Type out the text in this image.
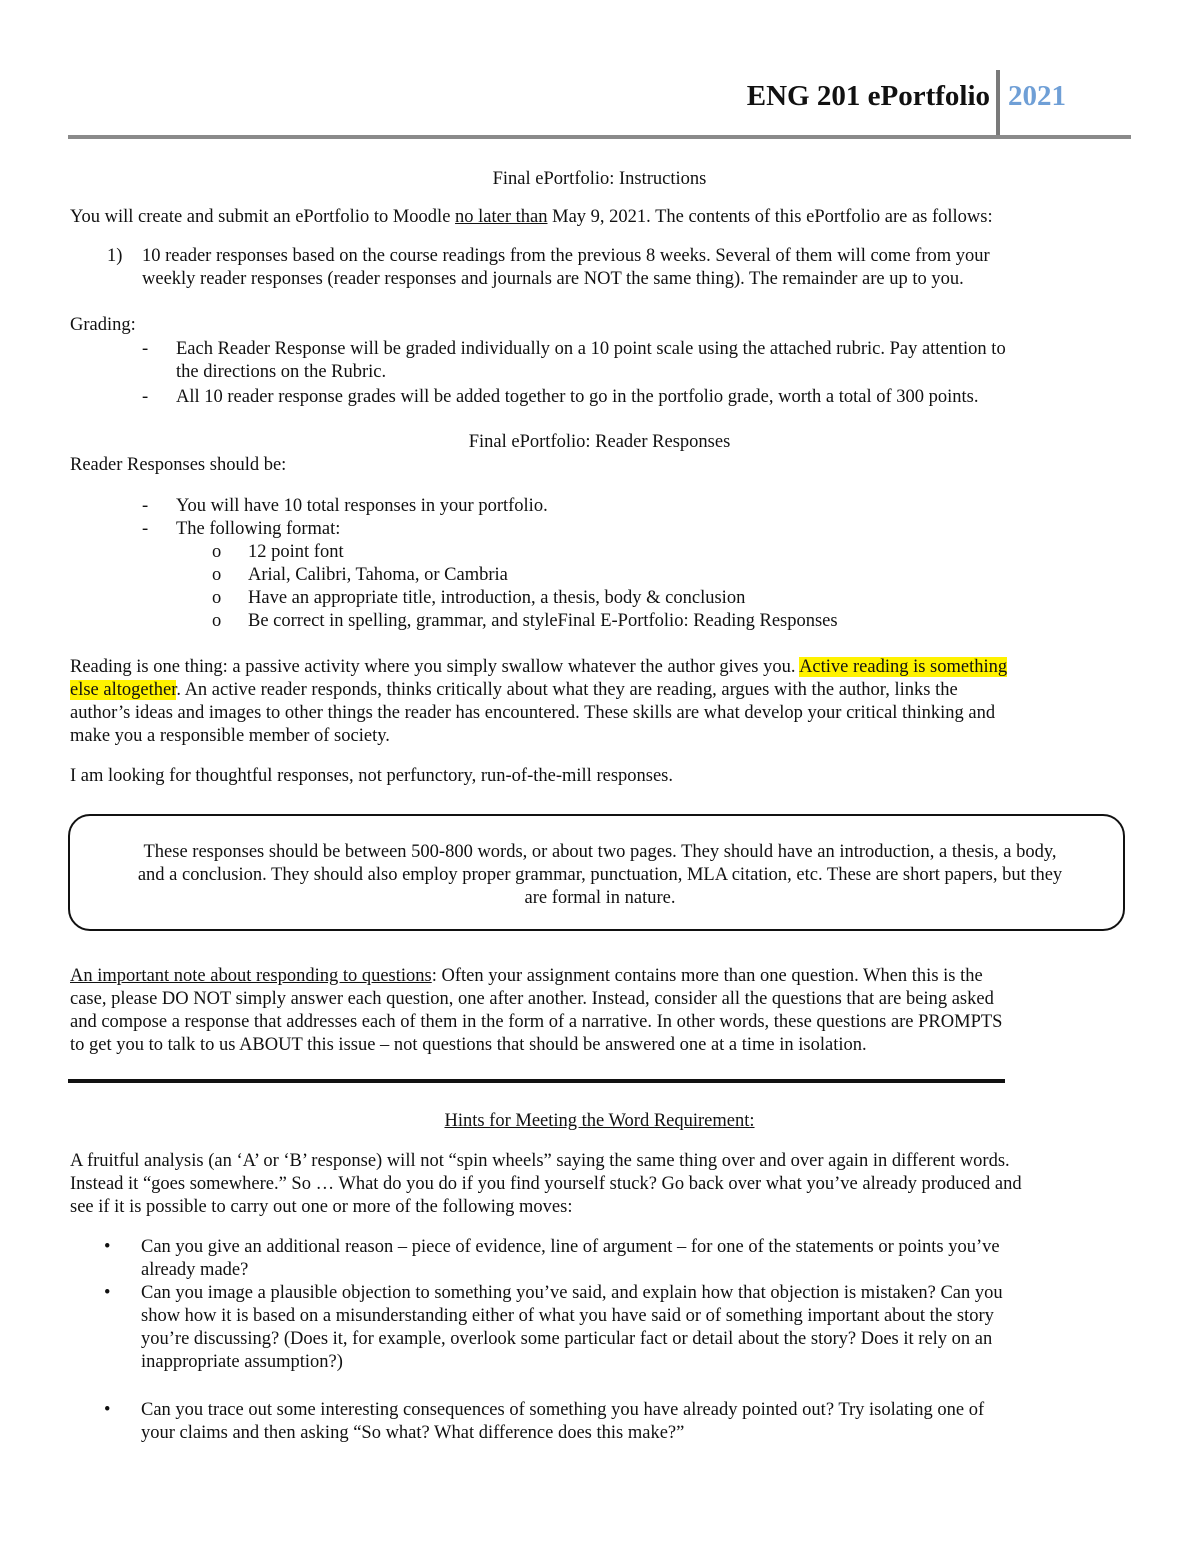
ENG 201 ePortfolio 2021
Final ePortfolio: Instructions
You will create and submit an ePortfolio to Moodle no later than May 9, 2021. The contents of this ePortfolio are as follows:
1) 10 reader responses based on the course readings from the previous 8 weeks. Several of them will come from your
weekly reader responses (reader responses and journals are NOT the same thing). The remainder are up to you.
Grading:
- Each Reader Response will be graded individually on a 10 point scale using the attached rubric. Pay attention to
the directions on the Rubric.
- All 10 reader response grades will be added together to go in the portfolio grade, worth a total of 300 points.
Final ePortfolio: Reader Responses
Reader Responses should be:
- You will have 10 total responses in your portfolio.
- The following format:
o 12 point font
o Arial, Calibri, Tahoma, or Cambria
o Have an appropriate title, introduction, a thesis, body & conclusion
o Be correct in spelling, grammar, and styleFinal E-Portfolio: Reading Responses
Reading is one thing: a passive activity where you simply swallow whatever the author gives you. Active reading is something
else altogether. An active reader responds, thinks critically about what they are reading, argues with the author, links the
author’s ideas and images to other things the reader has encountered. These skills are what develop your critical thinking and
make you a responsible member of society.
I am looking for thoughtful responses, not perfunctory, run-of-the-mill responses.
These responses should be between 500-800 words, or about two pages. They should have an introduction, a thesis, a body,
and a conclusion. They should also employ proper grammar, punctuation, MLA citation, etc. These are short papers, but they
are formal in nature.
An important note about responding to questions: Often your assignment contains more than one question. When this is the
case, please DO NOT simply answer each question, one after another. Instead, consider all the questions that are being asked
and compose a response that addresses each of them in the form of a narrative. In other words, these questions are PROMPTS
to get you to talk to us ABOUT this issue – not questions that should be answered one at a time in isolation.
Hints for Meeting the Word Requirement:
A fruitful analysis (an ‘A’ or ‘B’ response) will not “spin wheels” saying the same thing over and over again in different words.
Instead it “goes somewhere.” So … What do you do if you find yourself stuck? Go back over what you’ve already produced and
see if it is possible to carry out one or more of the following moves:
• Can you give an additional reason – piece of evidence, line of argument – for one of the statements or points you’ve
already made?
• Can you image a plausible objection to something you’ve said, and explain how that objection is mistaken? Can you
show how it is based on a misunderstanding either of what you have said or of something important about the story
you’re discussing? (Does it, for example, overlook some particular fact or detail about the story? Does it rely on an
inappropriate assumption?)
• Can you trace out some interesting consequences of something you have already pointed out? Try isolating one of
your claims and then asking “So what? What difference does this make?”
